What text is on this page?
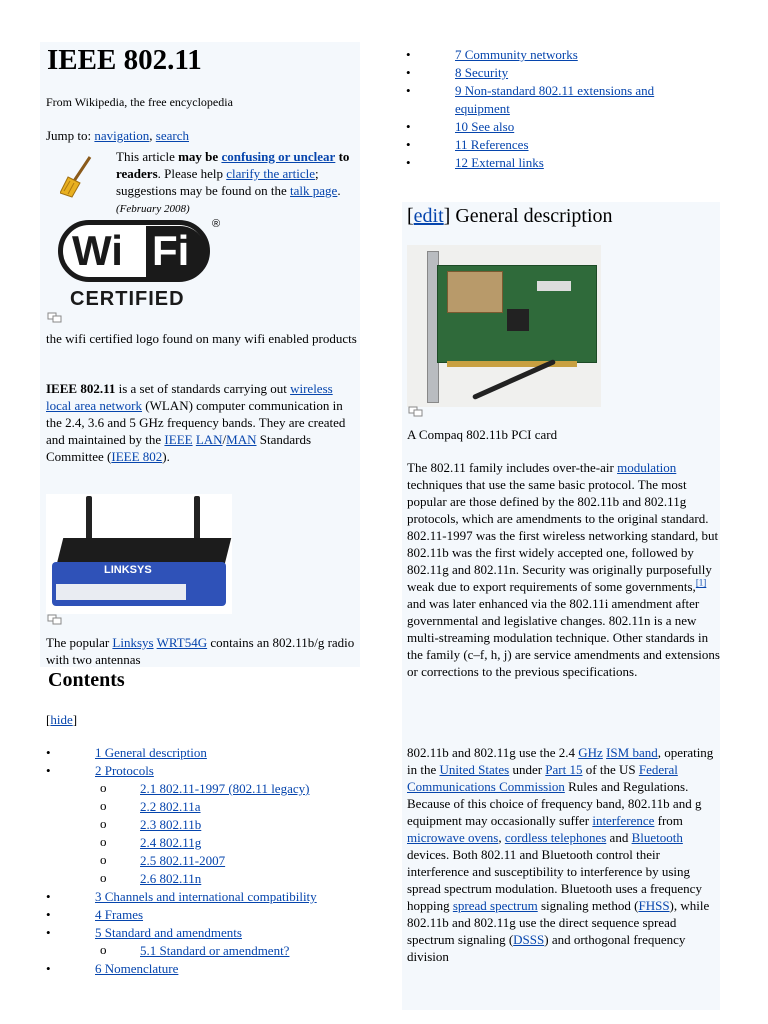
IEEE 802.11
From Wikipedia, the free encyclopedia
Jump to: navigation, search
This article may be confusing or unclear to readers. Please help clarify the article; suggestions may be found on the talk page. (February 2008)
Wi Fi
®
CERTIFIED
the wifi certified logo found on many wifi enabled products
IEEE 802.11 is a set of standards carrying out wireless local area network (WLAN) computer communication in the 2.4, 3.6 and 5 GHz frequency bands. They are created and maintained by the IEEE LAN/MAN Standards Committee (IEEE 802).
LINKSYS
The popular Linksys WRT54G contains an 802.11b/g radio with two antennas
Contents
[hide]
• 1 General description
• 2 Protocols
o 2.1 802.11-1997 (802.11 legacy)
o 2.2 802.11a
o 2.3 802.11b
o 2.4 802.11g
o 2.5 802.11-2007
o 2.6 802.11n
• 3 Channels and international compatibility
• 4 Frames
• 5 Standard and amendments
o 5.1 Standard or amendment?
• 6 Nomenclature
• 7 Community networks
• 8 Security
• 9 Non-standard 802.11 extensions and equipment
• 10 See also
• 11 References
• 12 External links
[edit] General description
A Compaq 802.11b PCI card
The 802.11 family includes over-the-air modulation techniques that use the same basic protocol. The most popular are those defined by the 802.11b and 802.11g protocols, which are amendments to the original standard. 802.11-1997 was the first wireless networking standard, but 802.11b was the first widely accepted one, followed by 802.11g and 802.11n. Security was originally purposefully weak due to export requirements of some governments,[1] and was later enhanced via the 802.11i amendment after governmental and legislative changes. 802.11n is a new multi-streaming modulation technique. Other standards in the family (c–f, h, j) are service amendments and extensions or corrections to the previous specifications.
802.11b and 802.11g use the 2.4 GHz ISM band, operating in the United States under Part 15 of the US Federal Communications Commission Rules and Regulations. Because of this choice of frequency band, 802.11b and g equipment may occasionally suffer interference from microwave ovens, cordless telephones and Bluetooth devices. Both 802.11 and Bluetooth control their interference and susceptibility to interference by using spread spectrum modulation. Bluetooth uses a frequency hopping spread spectrum signaling method (FHSS), while 802.11b and 802.11g use the direct sequence spread spectrum signaling (DSSS) and orthogonal frequency division
